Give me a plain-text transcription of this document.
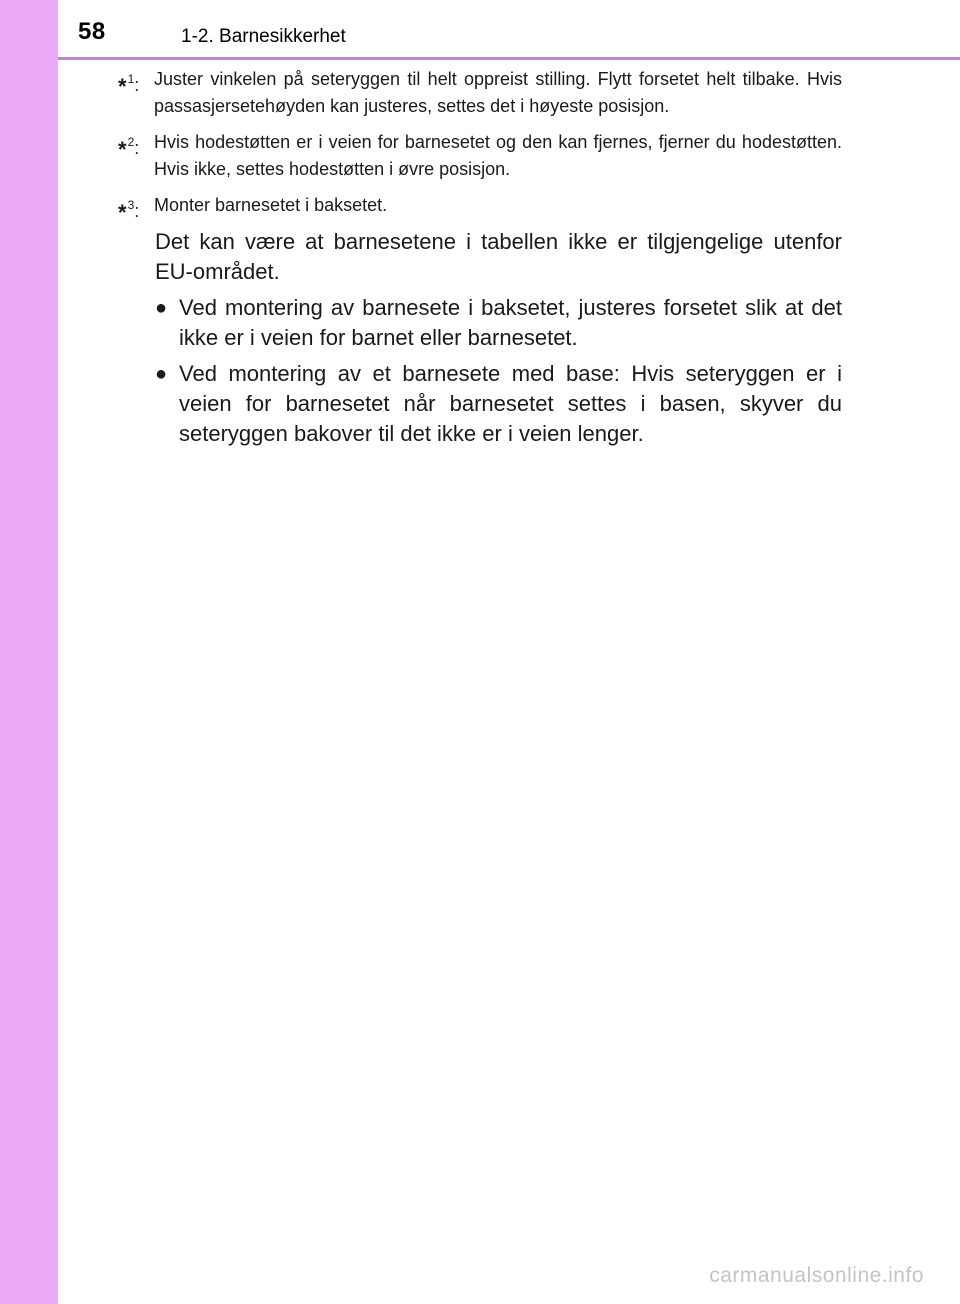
58	1-2. Barnesikkerhet
*$^1$: Juster vinkelen på seteryggen til helt oppreist stilling. Flytt forsetet helt tilbake. Hvis passasjersetehøyden kan justeres, settes det i høyeste posisjon.
*$^2$: Hvis hodestøtten er i veien for barnesetet og den kan fjernes, fjerner du hodestøtten. Hvis ikke, settes hodestøtten i øvre posisjon.
*$^3$: Monter barnesetet i baksetet.

Det kan være at barnesetene i tabellen ikke er tilgjengelige utenfor EU-området.

● Ved montering av barnesete i baksetet, justeres forsetet slik at det ikke er i veien for barnet eller barnesetet.
● Ved montering av et barnesete med base: Hvis seteryggen er i veien for barnesetet når barnesetet settes i basen, skyver du seteryggen bakover til det ikke er i veien lenger.
carmanualsonline.info
